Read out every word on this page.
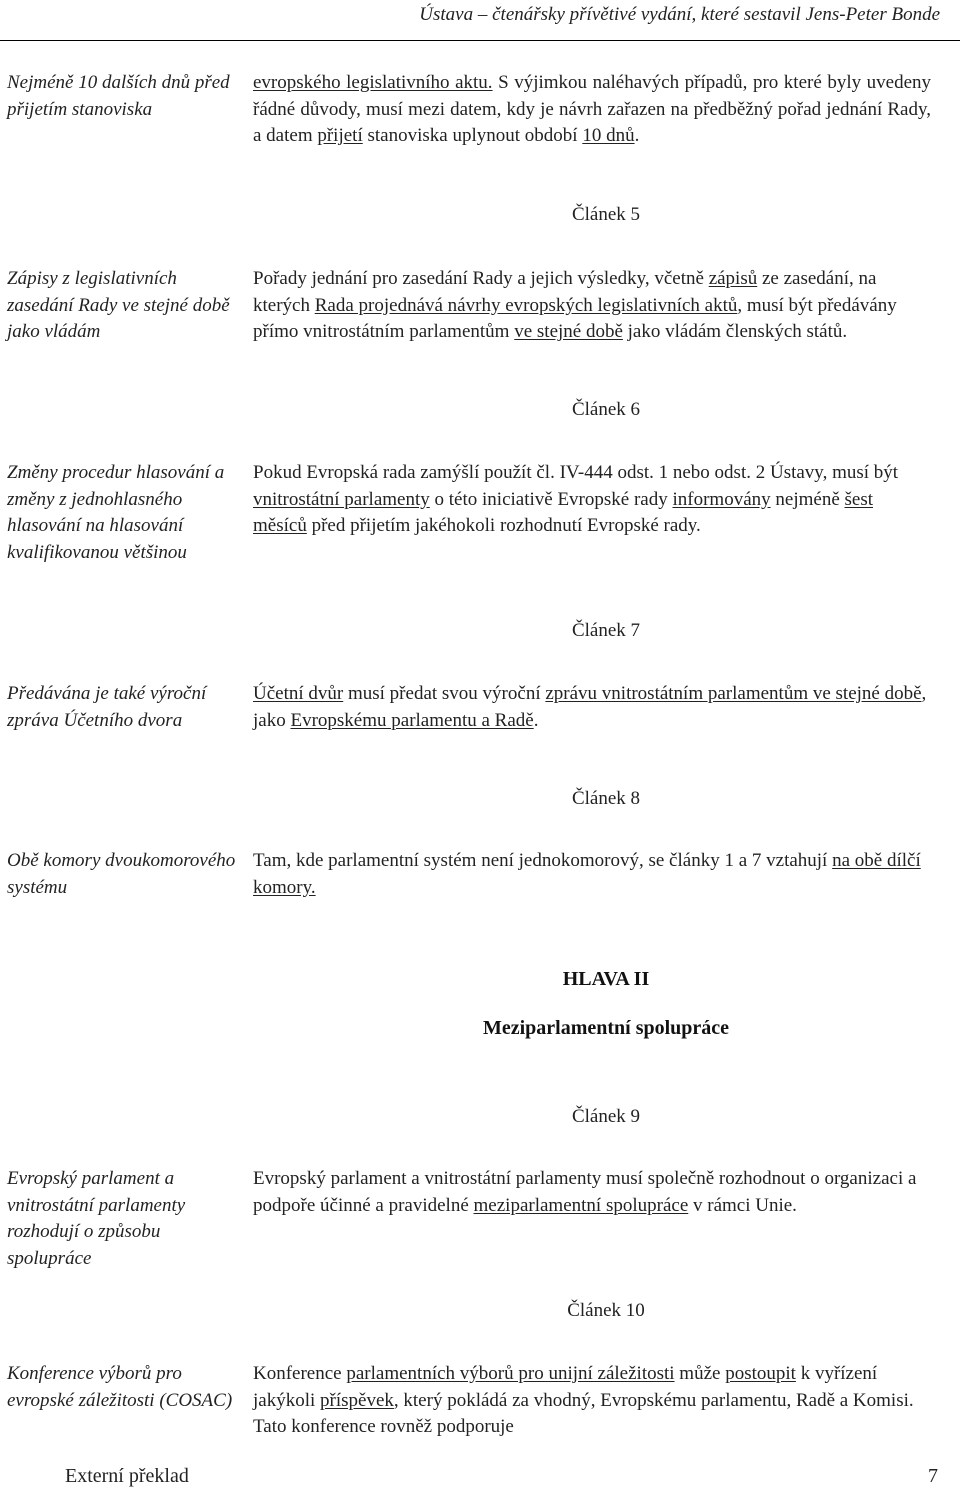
Ústava – čtenářsky přívětivé vydání, které sestavil Jens-Peter Bonde
Nejméně 10 dalších dnů před přijetím stanoviska
evropského legislativního aktu. S výjimkou naléhavých případů, pro které byly uvedeny řádné důvody, musí mezi datem, kdy je návrh zařazen na předběžný pořad jednání Rady, a datem přijetí stanoviska uplynout období 10 dnů.
Článek 5
Zápisy z legislativních zasedání Rady ve stejné době jako vládám
Pořady jednání pro zasedání Rady a jejich výsledky, včetně zápisů ze zasedání, na kterých Rada projednává návrhy evropských legislativních aktů, musí být předávány přímo vnitrostátním parlamentům ve stejné době jako vládám členských států.
Článek 6
Změny procedur hlasování a změny z jednohlasného hlasování na hlasování kvalifikovanou většinou
Pokud Evropská rada zamýšlí použít čl. IV-444 odst. 1 nebo odst. 2 Ústavy, musí být vnitrostátní parlamenty o této iniciativě Evropské rady informovány nejméně šest měsíců před přijetím jakéhokoli rozhodnutí Evropské rady.
Článek 7
Předávána je také výroční zpráva Účetního dvora
Účetní dvůr musí předat svou výroční zprávu vnitrostátním parlamentům ve stejné době, jako Evropskému parlamentu a Radě.
Článek 8
Obě komory dvoukomorového systému
Tam, kde parlamentní systém není jednokomorový, se články 1 a 7 vztahují na obě dílčí komory.
HLAVA II
Meziparlamentní spolupráce
Článek 9
Evropský parlament a vnitrostátní parlamenty rozhodují o způsobu spolupráce
Evropský parlament a vnitrostátní parlamenty musí společně rozhodnout o organizaci a podpoře účinné a pravidelné meziparlamentní spolupráce v rámci Unie.
Článek 10
Konference výborů pro evropské záležitosti (COSAC)
Konference parlamentních výborů pro unijní záležitosti může postoupit k vyřízení jakýkoli příspěvek, který pokládá za vhodný, Evropskému parlamentu, Radě a Komisi. Tato konference rovněž podporuje
Externí překlad	7
